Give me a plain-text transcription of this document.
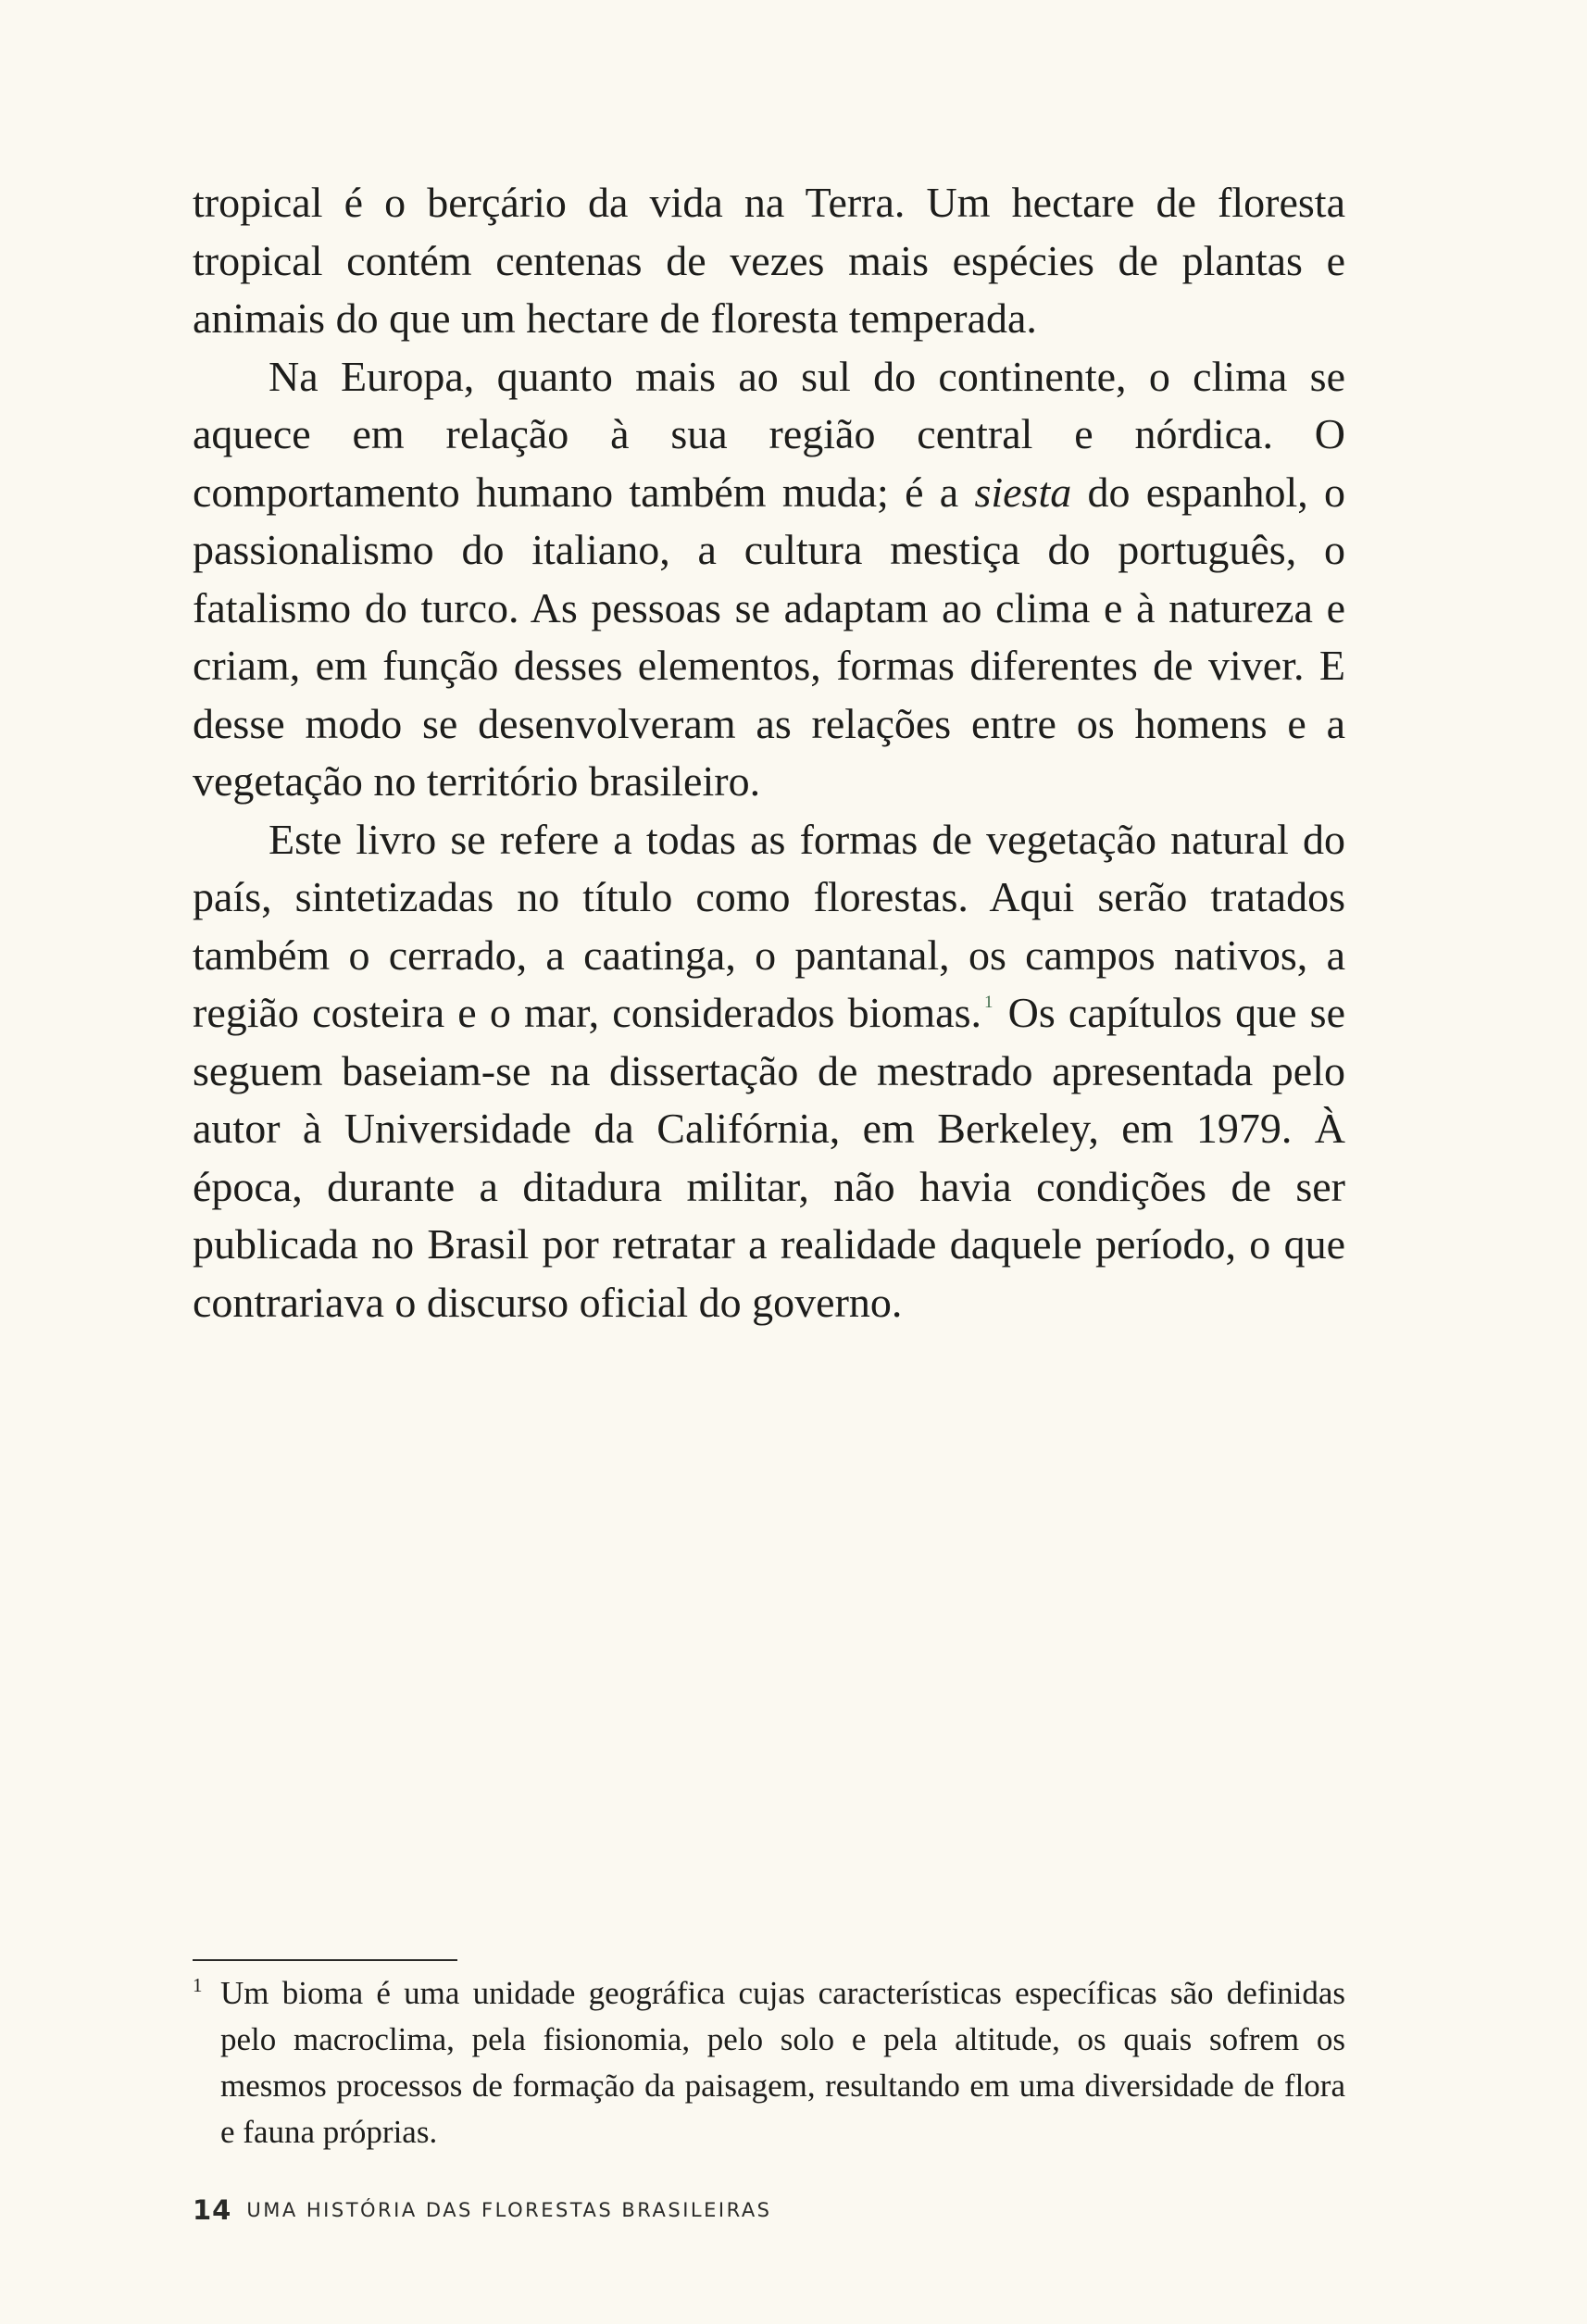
tropical é o berçário da vida na Terra. Um hectare de floresta tropical contém centenas de vezes mais espécies de plantas e animais do que um hectare de floresta temperada.

Na Europa, quanto mais ao sul do continente, o clima se aquece em relação à sua região central e nórdica. O comportamento humano também muda; é a siesta do espanhol, o passionalismo do italiano, a cultura mestiça do português, o fatalismo do turco. As pessoas se adaptam ao clima e à natureza e criam, em função desses elementos, formas diferentes de viver. E desse modo se desenvolveram as relações entre os homens e a vegetação no território brasileiro.

Este livro se refere a todas as formas de vegetação natural do país, sintetizadas no título como florestas. Aqui serão tratados também o cerrado, a caatinga, o pantanal, os campos nativos, a região costeira e o mar, considerados biomas. $^1$ Os capítulos que se seguem baseiam-se na dissertação de mestrado apresentada pelo autor à Universidade da Califórnia, em Berkeley, em 1979. À época, durante a ditadura militar, não havia condições de ser publicada no Brasil por retratar a realidade daquele período, o que contrariava o discurso oficial do governo.

1 Um bioma é uma unidade geográfica cujas características específicas são definidas pelo macroclima, pela fisionomia, pelo solo e pela altitude, os quais sofrem os mesmos processos de formação da paisagem, resultando em uma diversidade de flora e fauna próprias.

14 UMA HISTÓRIA DAS FLORESTAS BRASILEIRAS
